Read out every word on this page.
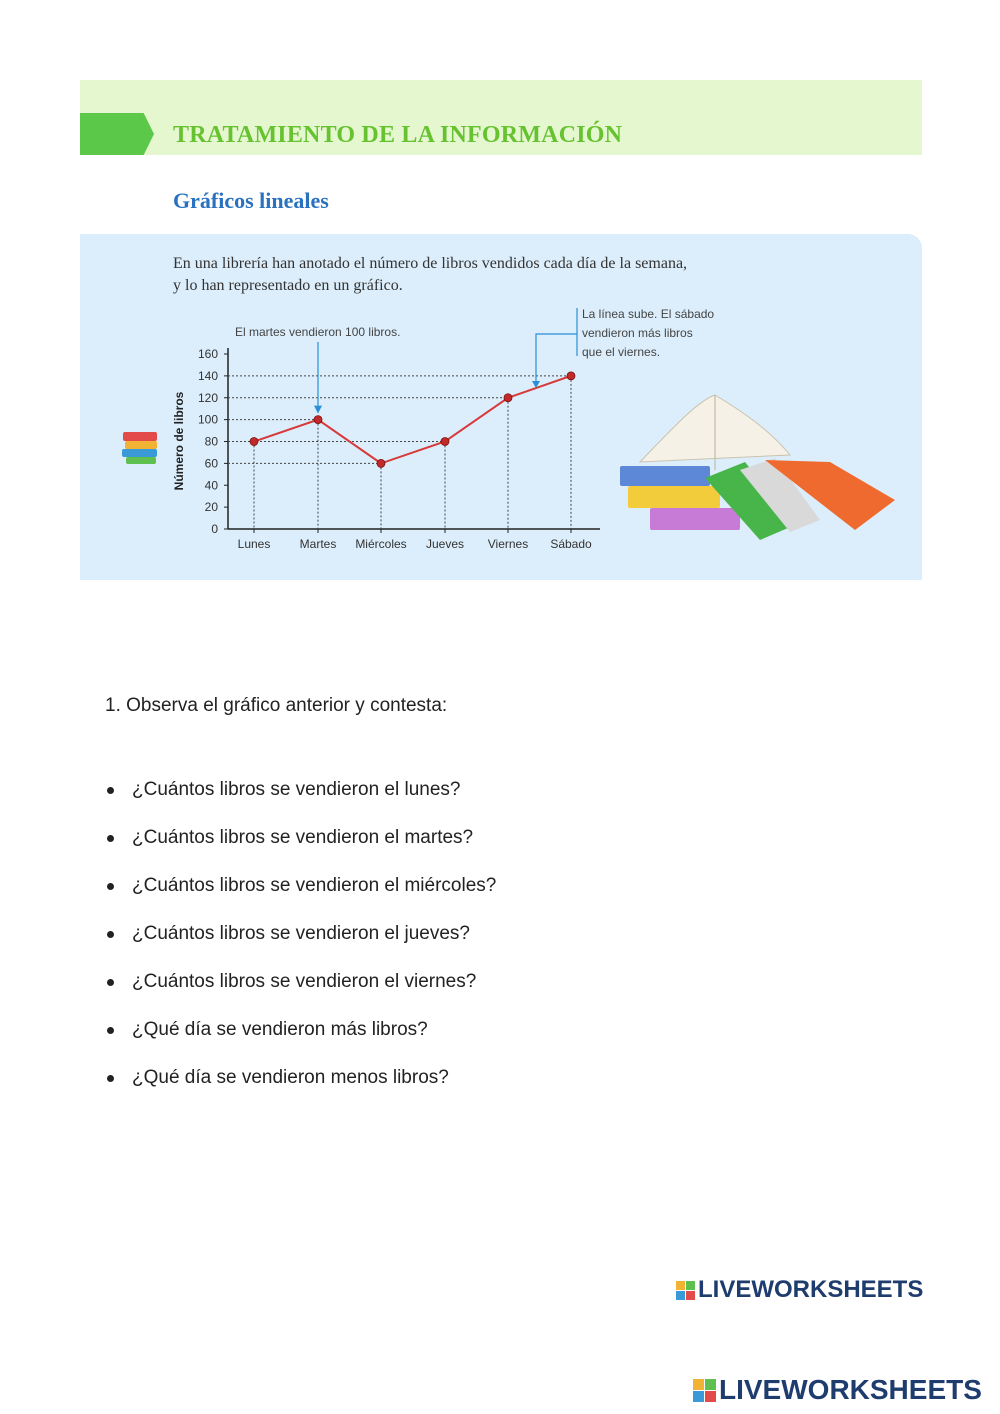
TRATAMIENTO DE LA INFORMACIÓN
Gráficos lineales

En una librería han anotado el número de libros vendidos cada día de la semana,
y lo han representado en un gráfico.

0
20
40
60
80
100
120
140
160
Número de libros
Lunes Martes Miércoles Jueves Viernes Sábado
El martes vendieron 100 libros.
La línea sube. El sábado
vendieron más libros
que el viernes.
1. Observa el gráfico anterior y contesta:
¿Cuántos libros se vendieron el lunes?
¿Cuántos libros se vendieron el martes?
¿Cuántos libros se vendieron el miércoles?
¿Cuántos libros se vendieron el jueves?
¿Cuántos libros se vendieron el viernes?
¿Qué día se vendieron más libros?
¿Qué día se vendieron menos libros?
LIVEWORKSHEETS
LIVEWORKSHEETS
